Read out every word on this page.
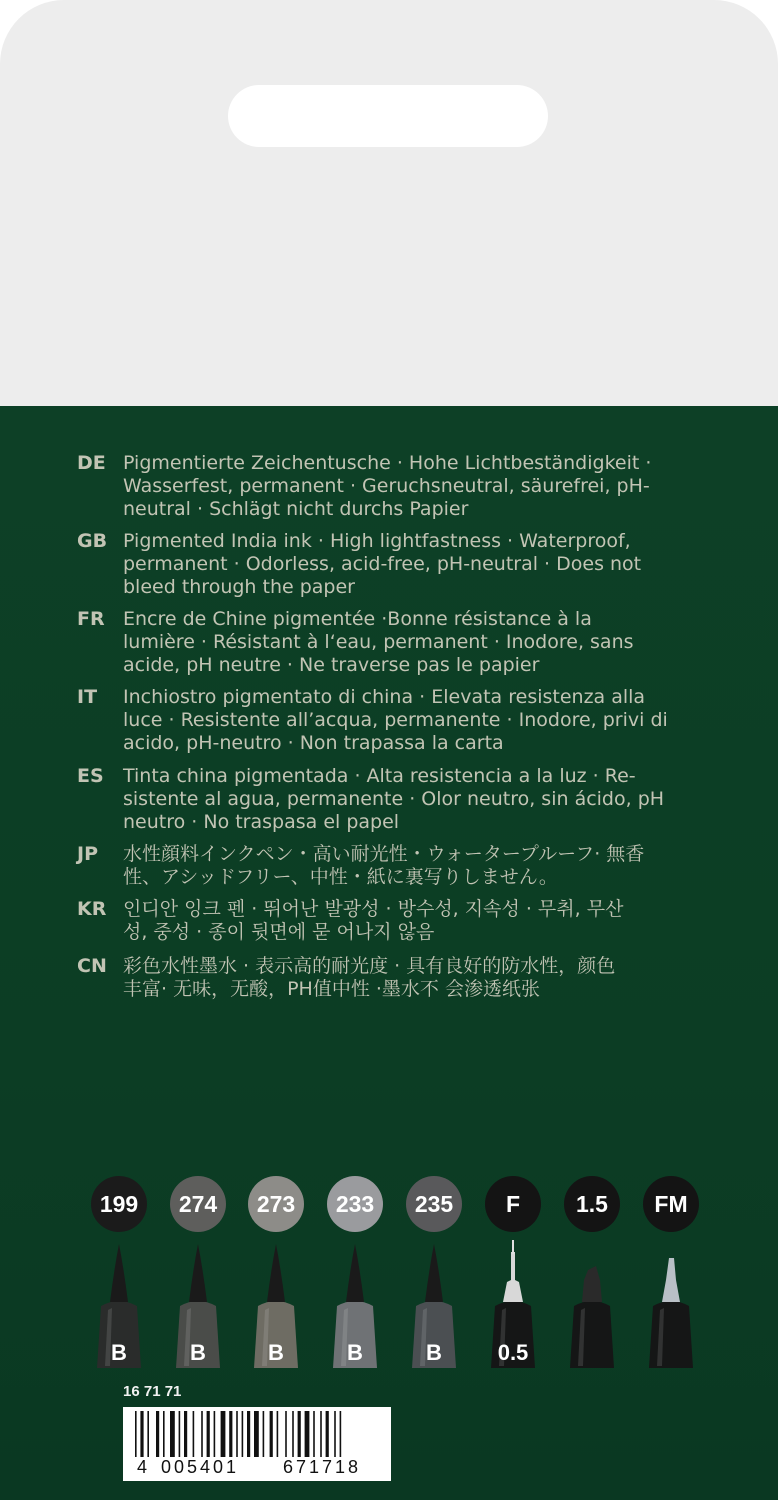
DE Pigmentierte Zeichentusche · Hohe Lichtbeständigkeit ·
Wasserfest, permanent · Geruchsneutral, säurefrei, pH-
neutral · Schlägt nicht durchs Papier
GB Pigmented India ink · High lightfastness · Waterproof,
permanent · Odorless, acid-free, pH-neutral · Does not
bleed through the paper
FR Encre de Chine pigmentée ·Bonne résistance à la
lumière · Résistant à l‘eau, permanent · Inodore, sans
acide, pH neutre · Ne traverse pas le papier
IT	Inchiostro pigmentato di china · Elevata resistenza alla
luce · Resistente all’acqua, permanente · Inodore, privi di
acido, pH-neutro · Non trapassa la carta
ES	Tinta china pigmentada · Alta resistencia a la luz · Re-
sistente al agua, permanente · Olor neutro, sin ácido, pH
neutro · No traspasa el papel
JP	水性顔料インクペン・高い耐光性・ウォータープルーフ· 無香
性、アシッドフリー、中性・紙に裏写りしません。
KR 인디안 잉크 펜 · 뛰어난 발광성 · 방수성, 지속성 · 무취, 무산
성, 중성 · 종이 뒷면에 묻 어나지 않음
CN 彩色水性墨水 · 表示高的耐光度 · 具有良好的防水性，颜色
丰富· 无味，无酸，PH值中性 ·墨水不 会渗透纸张
199
B
274
B
273
B
233
B
235
B
F
0.5
1.5	FM
16 71 71
4 005401 671718
